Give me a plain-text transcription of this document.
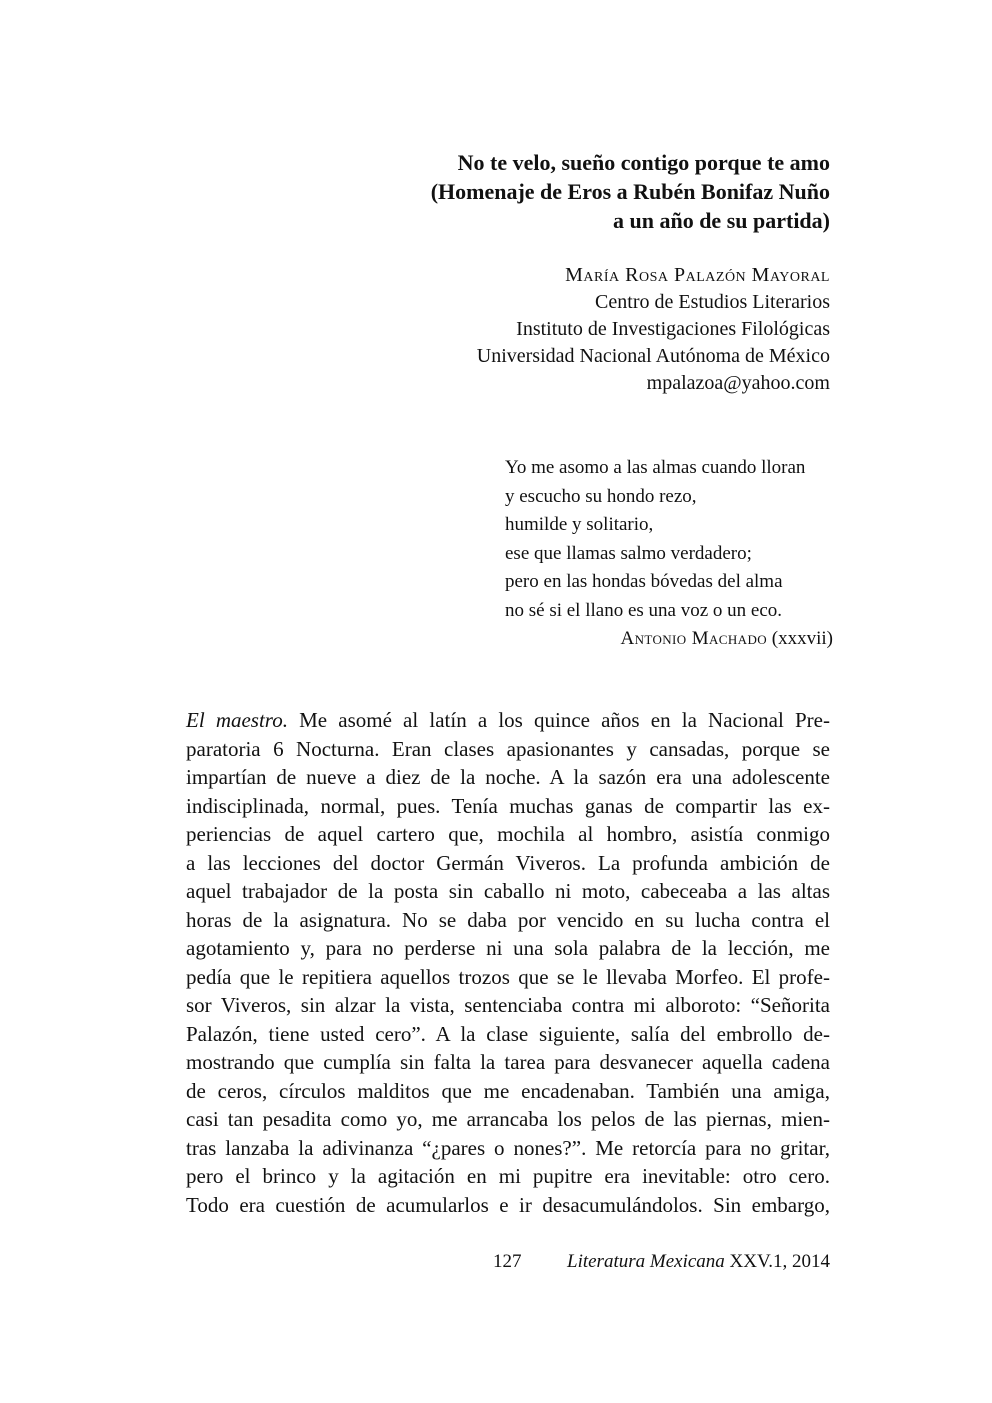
No te velo, sueño contigo porque te amo
(Homenaje de Eros a Rubén Bonifaz Nuño
a un año de su partida)
María Rosa Palazón Mayoral
Centro de Estudios Literarios
Instituto de Investigaciones Filológicas
Universidad Nacional Autónoma de México
mpalazoa@yahoo.com
Yo me asomo a las almas cuando lloran
y escucho su hondo rezo,
humilde y solitario,
ese que llamas salmo verdadero;
pero en las hondas bóvedas del alma
no sé si el llano es una voz o un eco.
Antonio Machado (xxxvii)
El maestro. Me asomé al latín a los quince años en la Nacional Pre-
paratoria 6 Nocturna. Eran clases apasionantes y cansadas, porque se
impartían de nueve a diez de la noche. A la sazón era una adolescente
indisciplinada, normal, pues. Tenía muchas ganas de compartir las ex-
periencias de aquel cartero que, mochila al hombro, asistía conmigo
a las lecciones del doctor Germán Viveros. La profunda ambición de
aquel trabajador de la posta sin caballo ni moto, cabeceaba a las altas
horas de la asignatura. No se daba por vencido en su lucha contra el
agotamiento y, para no perderse ni una sola palabra de la lección, me
pedía que le repitiera aquellos trozos que se le llevaba Morfeo. El profe-
sor Viveros, sin alzar la vista, sentenciaba contra mi alboroto: “Señorita
Palazón, tiene usted cero”. A la clase siguiente, salía del embrollo de-
mostrando que cumplía sin falta la tarea para desvanecer aquella cadena
de ceros, círculos malditos que me encadenaban. También una amiga,
casi tan pesadita como yo, me arrancaba los pelos de las piernas, mien-
tras lanzaba la adivinanza “¿pares o nones?”. Me retorcía para no gritar,
pero el brinco y la agitación en mi pupitre era inevitable: otro cero.
Todo era cuestión de acumularlos e ir desacumulándolos. Sin embargo,
127 Literatura Mexicana XXV.1, 2014
